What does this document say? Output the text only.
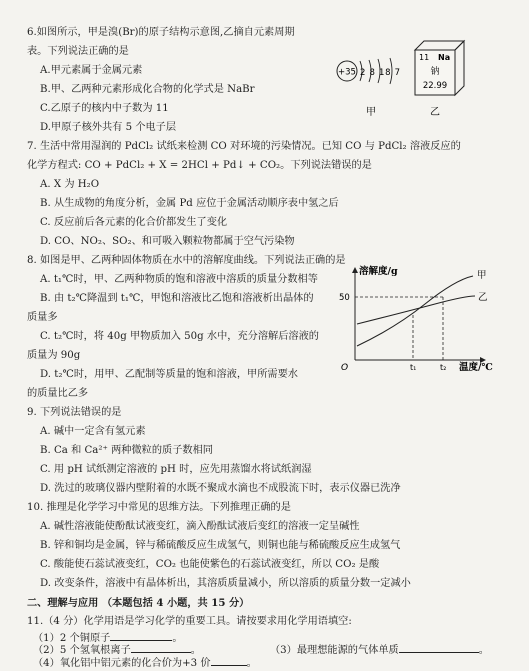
6.如图所示，甲是溴(Br)的原子结构示意图,乙摘自元素周期
表。下列说法正确的是
A.甲元素属于金属元素
B.甲、乙两种元素形成化合物的化学式是 NaBr
C.乙原子的核内中子数为 11
D.甲原子核外共有 5 个电子层
+35 2 8 18 7
甲
11 Na
钠
22.99
乙
7. 生活中常用湿润的 PdCl₂ 试纸来检测 CO 对环境的污染情况。已知 CO 与 PdCl₂ 溶液反应的
化学方程式: CO + PdCl₂ + X = 2HCl + Pd↓ + CO₂。下列说法错误的是
A. X 为 H₂O
B. 从生成物的角度分析，金属 Pd 应位于金属活动顺序表中氢之后
C. 反应前后各元素的化合价都发生了变化
D. CO、NO₂、SO₂、和可吸入颗粒物都属于空气污染物
8. 如图是甲、乙两种固体物质在水中的溶解度曲线。下列说法正确的是
A. t₁℃时，甲、乙两种物质的饱和溶液中溶质的质量分数相等
B. 由 t₂℃降温到 t₁℃，甲饱和溶液比乙饱和溶液析出晶体的
质量多
C. t₂℃时，将 40g 甲物质加入 50g 水中，充分溶解后溶液的
质量为 90g
D. t₂℃时，用甲、乙配制等质量的饱和溶液，甲所需要水
的质量比乙多
溶解度/g
50
甲
乙
O	t₁	t₂ 温度/℃
9. 下列说法错误的是
A. 碱中一定含有氢元素
B. Ca 和 Ca²⁺ 两种微粒的质子数相同
C. 用 pH 试纸测定溶液的 pH 时，应先用蒸馏水将试纸润湿
D. 洗过的玻璃仪器内壁附着的水既不聚成水滴也不成股流下时，表示仪器已洗净
10. 推理是化学学习中常见的思维方法。下列推理正确的是
A. 碱性溶液能使酚酞试液变红，滴入酚酞试液后变红的溶液一定呈碱性
B. 锌和铜均是金属，锌与稀硫酸反应生成氢气，则铜也能与稀硫酸反应生成氢气
C. 酸能使石蕊试液变红，CO₂ 也能使紫色的石蕊试液变红，所以 CO₂ 是酸
D. 改变条件，溶液中有晶体析出，其溶质质量减小，所以溶质的质量分数一定减小
二、理解与应用 （本题包括 4 小题，共 15 分）
11.（4 分）化学用语是学习化学的重要工具。请按要求用化学用语填空:
（1）2 个铜原子	。
（2）5 个氢氧根离子	。	（3）最理想能源的气体单质	。
（4）氧化铝中铝元素的化合价为+3 价	。
